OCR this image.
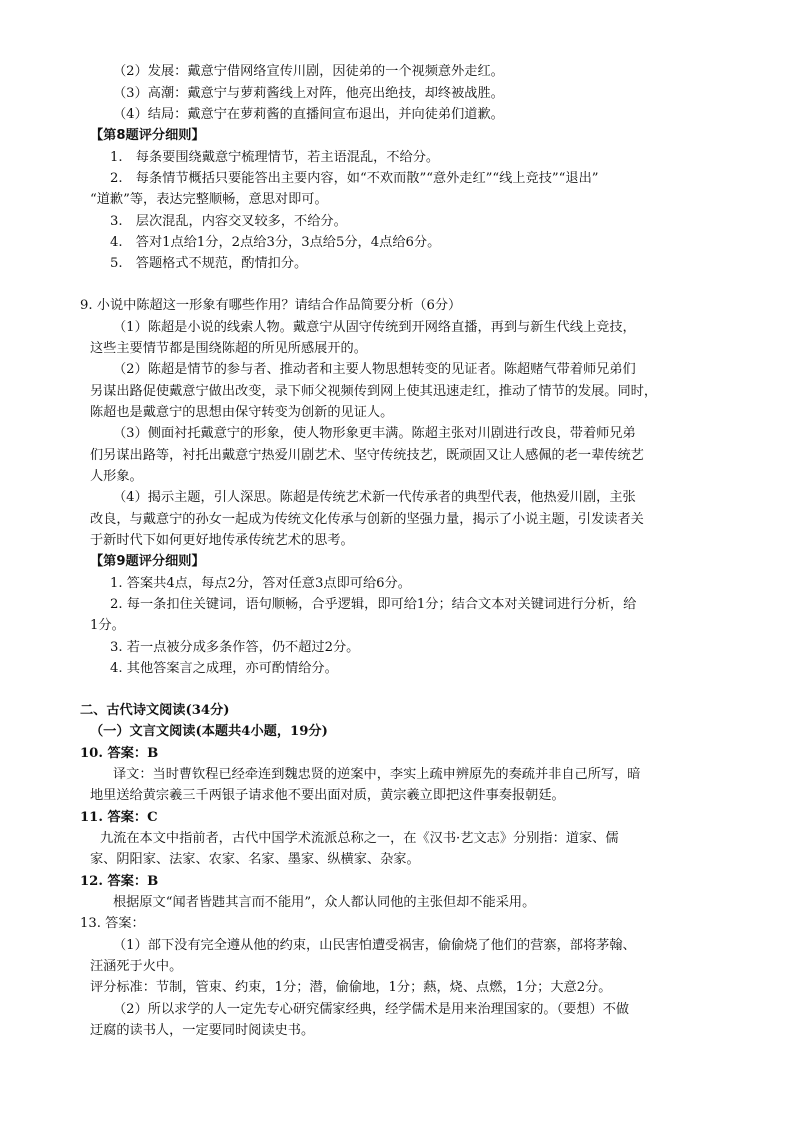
（2）发展：戴意宁借网络宣传川剧，因徒弟的一个视频意外走红。
（3）高潮：戴意宁与萝莉酱线上对阵，他亮出绝技，却终被战胜。
（4）结局：戴意宁在萝莉酱的直播间宣布退出，并向徒弟们道歉。
【第8题评分细则】
1.　每条要围绕戴意宁梳理情节，若主语混乱，不给分。
2.　每条情节概括只要能答出主要内容，如“不欢而散”“意外走红”“线上竞技”“退出”
“道歉”等，表达完整顺畅，意思对即可。
3.　层次混乱，内容交叉较多，不给分。
4.　答对1点给1分，2点给3分，3点给5分，4点给6分。
5.　答题格式不规范，酌情扣分。
9. 小说中陈超这一形象有哪些作用？请结合作品简要分析（6分）
（1）陈超是小说的线索人物。戴意宁从固守传统到开网络直播，再到与新生代线上竞技，
这些主要情节都是围绕陈超的所见所感展开的。
（2）陈超是情节的参与者、推动者和主要人物思想转变的见证者。陈超赌气带着师兄弟们
另谋出路促使戴意宁做出改变，录下师父视频传到网上使其迅速走红，推动了情节的发展。同时，
陈超也是戴意宁的思想由保守转变为创新的见证人。
（3）侧面衬托戴意宁的形象，使人物形象更丰满。陈超主张对川剧进行改良，带着师兄弟
们另谋出路等，衬托出戴意宁热爱川剧艺术、坚守传统技艺，既顽固又让人感佩的老一辈传统艺
人形象。
（4）揭示主题，引人深思。陈超是传统艺术新一代传承者的典型代表，他热爱川剧，主张
改良，与戴意宁的孙女一起成为传统文化传承与创新的坚强力量，揭示了小说主题，引发读者关
于新时代下如何更好地传承传统艺术的思考。
【第9题评分细则】
1. 答案共4点，每点2分，答对任意3点即可给6分。
2. 每一条扣住关键词，语句顺畅，合乎逻辑，即可给1分；结合文本对关键词进行分析，给
1分。
3. 若一点被分成多条作答，仍不超过2分。
4. 其他答案言之成理，亦可酌情给分。
二、古代诗文阅读(34分)
（一）文言文阅读(本题共4小题，19分)
10. 答案：B
译文：当时曹钦程已经牵连到魏忠贤的逆案中，李实上疏申辨原先的奏疏并非自己所写，暗
地里送给黄宗羲三千两银子请求他不要出面对质，黄宗羲立即把这件事奏报朝廷。
11. 答案：C
九流在本文中指前者，古代中国学术流派总称之一，在《汉书·艺文志》分别指：道家、儒
家、阴阳家、法家、农家、名家、墨家、纵横家、杂家。
12. 答案：B
根据原文“闻者皆韪其言而不能用”，众人都认同他的主张但却不能采用。
13. 答案：
（1）部下没有完全遵从他的约束，山民害怕遭受祸害，偷偷烧了他们的营寨，部将茅翰、
汪涵死于火中。
评分标准：节制，管束、约束，1分；潜，偷偷地，1分；爇，烧、点燃，1分；大意2分。
（2）所以求学的人一定先专心研究儒家经典，经学儒术是用来治理国家的。（要想）不做
迂腐的读书人，一定要同时阅读史书。
